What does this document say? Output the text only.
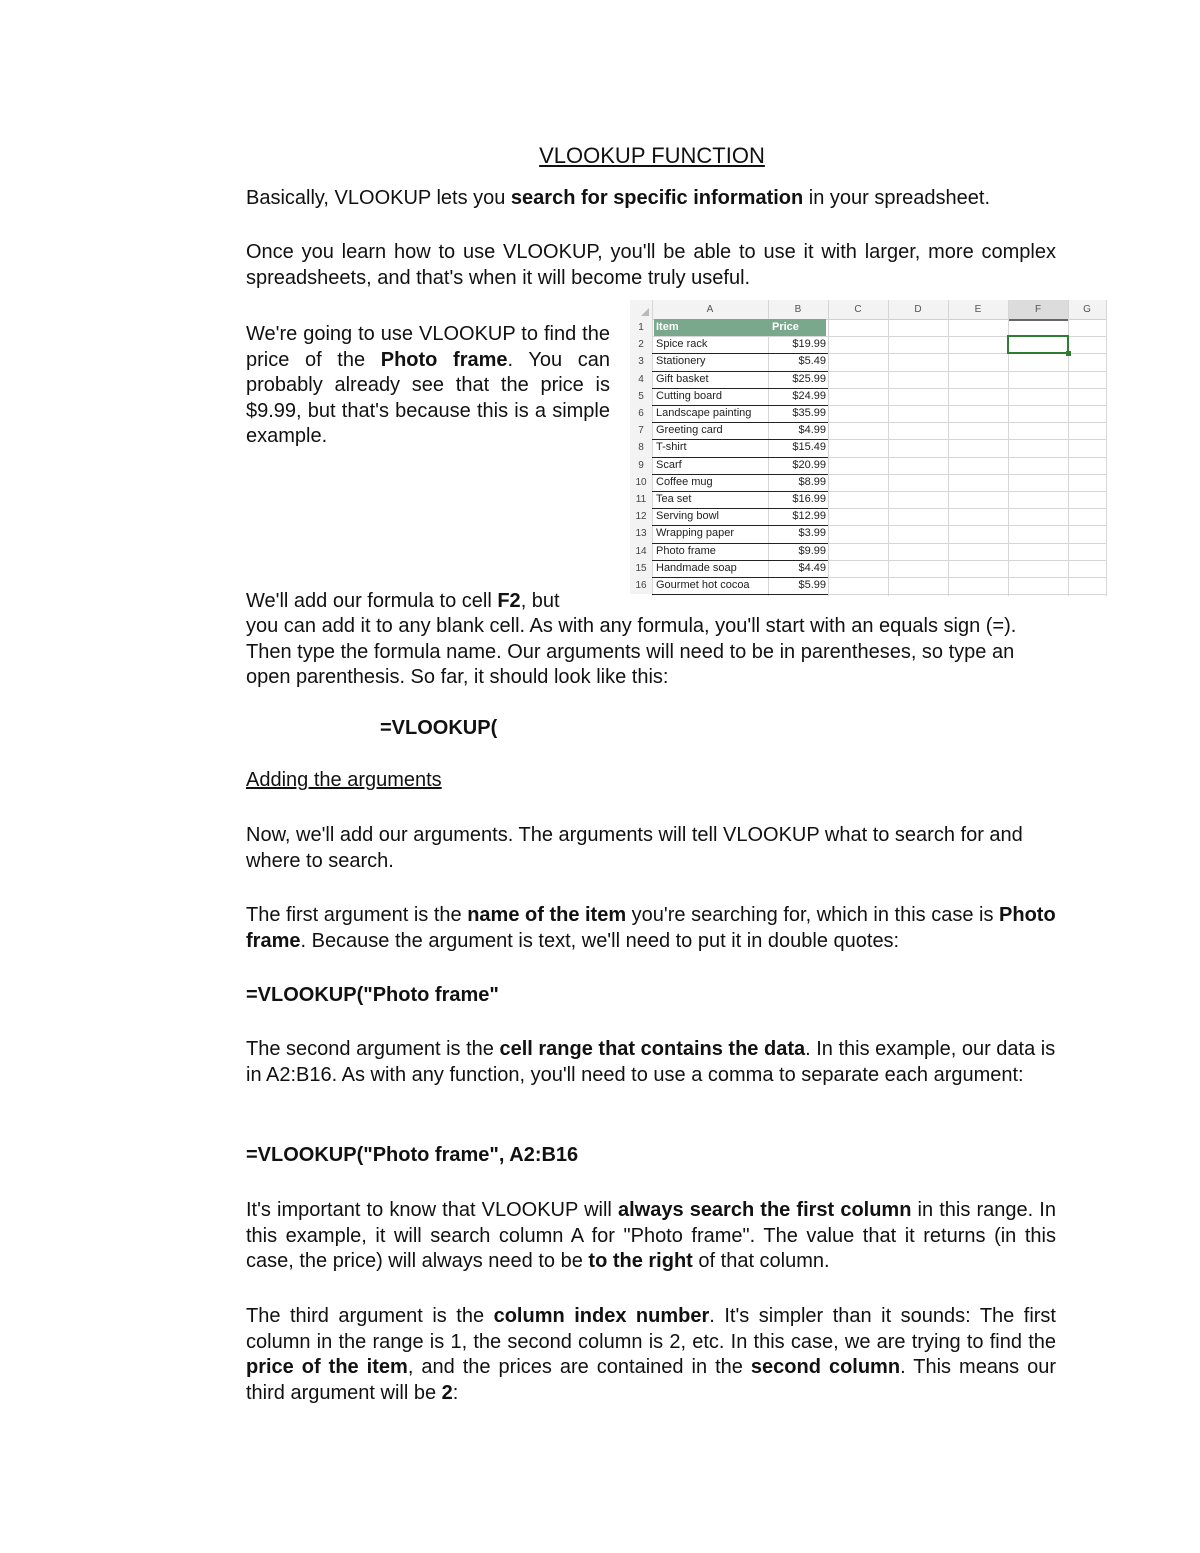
VLOOKUP FUNCTION

Basically, VLOOKUP lets you search for specific information in your spreadsheet.

Once you learn how to use VLOOKUP, you'll be able to use it with larger, more complex spreadsheets, and that's when it will become truly useful.

We're going to use VLOOKUP to find the price of the Photo frame. You can probably already see that the price is $9.99, but that's because this is a simple example.

A	B	C	D	E	F	G
1	Item	Price
2	Spice rack	$19.99
3	Stationery	$5.49
4	Gift basket	$25.99
5	Cutting board	$24.99
6	Landscape painting	$35.99
7	Greeting card	$4.99
8	T-shirt	$15.49
9	Scarf	$20.99
10 Coffee mug	$8.99
11 Tea set	$16.99
12 Serving bowl	$12.99
13 Wrapping paper	$3.99
14 Photo frame	$9.99
15 Handmade soap	$4.49
16 Gourmet hot cocoa	$5.99

We'll add our formula to cell F2, but

you can add it to any blank cell. As with any formula, you'll start with an equals sign (=). Then type the formula name. Our arguments will need to be in parentheses, so type an open parenthesis. So far, it should look like this:

=VLOOKUP(

Adding the arguments

Now, we'll add our arguments. The arguments will tell VLOOKUP what to search for and where to search.

The first argument is the name of the item you're searching for, which in this case is Photo frame. Because the argument is text, we'll need to put it in double quotes:

=VLOOKUP("Photo frame"

The second argument is the cell range that contains the data. In this example, our data is in A2:B16. As with any function, you'll need to use a comma to separate each argument:

=VLOOKUP("Photo frame", A2:B16

It's important to know that VLOOKUP will always search the first column in this range. In this example, it will search column A for "Photo frame". The value that it returns (in this case, the price) will always need to be to the right of that column.

The third argument is the column index number. It's simpler than it sounds: The first column in the range is 1, the second column is 2, etc. In this case, we are trying to find the price of the item, and the prices are contained in the second column. This means our third argument will be 2:
